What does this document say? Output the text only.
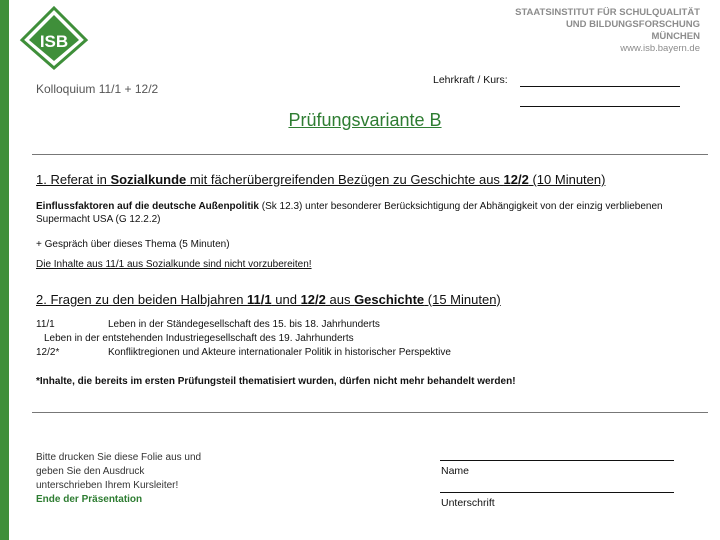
ISB
STAATSINSTITUT FÜR SCHULQUALITÄT
UND BILDUNGSFORSCHUNG
MÜNCHEN
www.isb.bayern.de
Kolloquium 11/1 + 12/2
Lehrkraft / Kurs:
Prüfungsvariante B
1. Referat in Sozialkunde mit fächerübergreifenden Bezügen zu Geschichte aus 12/2 (10 Minuten)
Einflussfaktoren auf die deutsche Außenpolitik (Sk 12.3) unter besonderer Berücksichtigung der Abhängigkeit von der einzig verbliebenen Supermacht USA (G 12.2.2)
+ Gespräch über dieses Thema (5 Minuten)
Die Inhalte aus 11/1 aus Sozialkunde sind nicht vorzubereiten!
2. Fragen zu den beiden Halbjahren 11/1 und 12/2 aus Geschichte (15 Minuten)
11/1	Leben in der Ständegesellschaft des 15. bis 18. Jahrhunderts
Leben in der entstehenden Industriegesellschaft des 19. Jahrhunderts
12/2*	Konfliktregionen und Akteure internationaler Politik in historischer Perspektive
*Inhalte, die bereits im ersten Prüfungsteil thematisiert wurden, dürfen nicht mehr behandelt werden!
Bitte drucken Sie diese Folie aus und
geben Sie den Ausdruck
unterschrieben Ihrem Kursleiter!
Ende der Präsentation
Name
Unterschrift
